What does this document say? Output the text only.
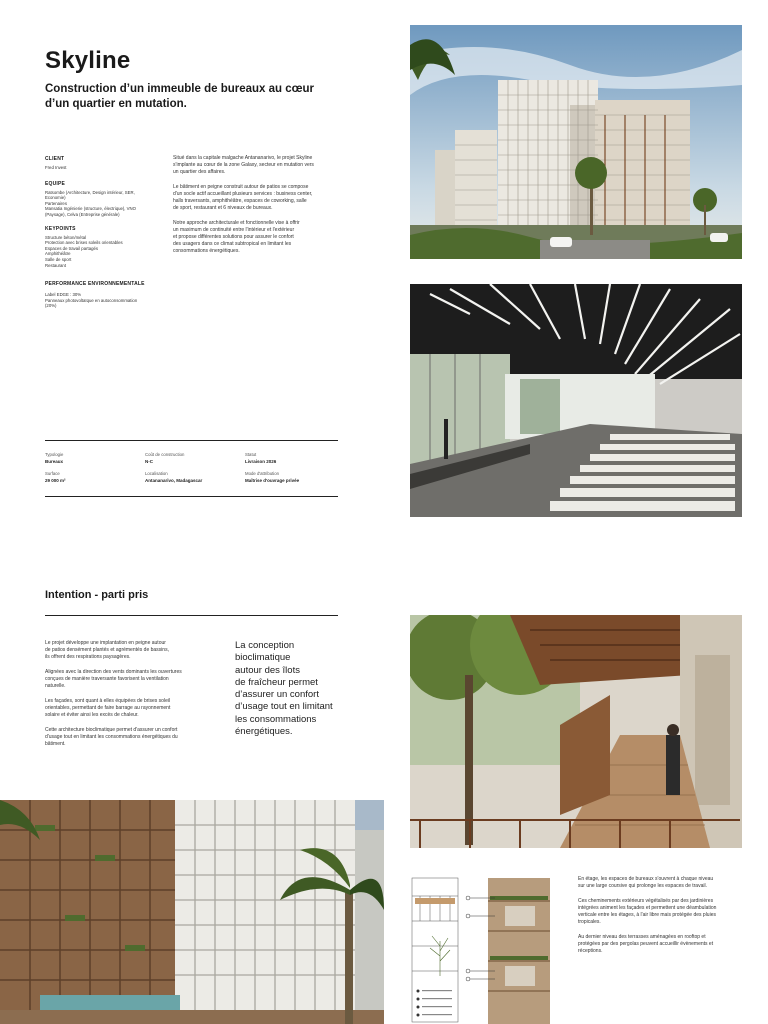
Skyline
Construction d’un immeuble de bureaux au cœur d’un quartier en mutation.
CLIENT
Fred Invest
EQUIPE
Ratsombe (Architecture, Design intérieur, SER,
Economie)
Partenaires
Mansatia Ingénierie (structure, électrique), VNO
(Paysage), Celva (Entreprise générale)
KEYPOINTS
Structure béton/métal
Protection avec brises soleils orientables
Espaces de travail partagés
Amphithéâtre
Salle de sport
Restaurant
PERFORMANCE ENVIRONNEMENTALE
Label EDGE : 30%
Panneaux photovoltaïque en autoconsommation
(20%)
Situé dans la capitale malgache Antananarivo, le projet Skyline
s'implante au cœur de la zone Galaxy, secteur en mutation vers
un quartier des affaires.
Le bâtiment en peigne construit autour de patios se compose
d'un socle actif accueillant plusieurs services : business center,
halls traversants, amphithéâtre, espaces de coworking, salle
de sport, restaurant et 6 niveaux de bureaux.
Notre approche architecturale et fonctionnelle vise à offrir
un maximum de continuité entre l'intérieur et l'extérieur
et propose différentes solutions pour assurer le confort
des usagers dans ce climat subtropical en limitant les
consommations énergétiques.
Typologie
Bureaux
Coût de construction
N-C
Statut
Livraison 2026
Surface
29 000 m²
Localisation
Antananarivo, Madagascar
Mode d'attribution
Maîtrise d'ouvrage privée
Intention - parti pris
Le projet développe une implantation en peigne autour
de patios densément plantés et agrémentés de bassins,
ils offrent des respirations paysagères.
Alignées avec la direction des vents dominants les ouvertures
conçues de manière traversante favorisent la ventilation
naturelle.
Les façades, sont quant à elles équipées de brises soleil
orientables, permettant de faire barrage au rayonnement
solaire et éviter ainsi les excès de chaleur.
Cette architecture bioclimatique permet d'assurer un confort
d'usage tout en limitant les consommations énergétiques du
bâtiment.
La conception
bioclimatique
autour des îlots
de fraîcheur permet
d’assurer un confort
d’usage tout en limitant
les consommations
énergétiques.
En étage, les espaces de bureaux s'ouvrent à chaque niveau
sur une large coursive qui prolonge les espaces de travail.
Ces cheminements extérieurs végétalisés par des jardinières
intégrées animent les façades et permettent une déambulation
verticale entre les étages, à l'air libre mais protégée des pluies
tropicales.
Au dernier niveau des terrasses aménagées en rooftop et
protégées par des pergolas peuvent accueillir évènements et
réceptions.
